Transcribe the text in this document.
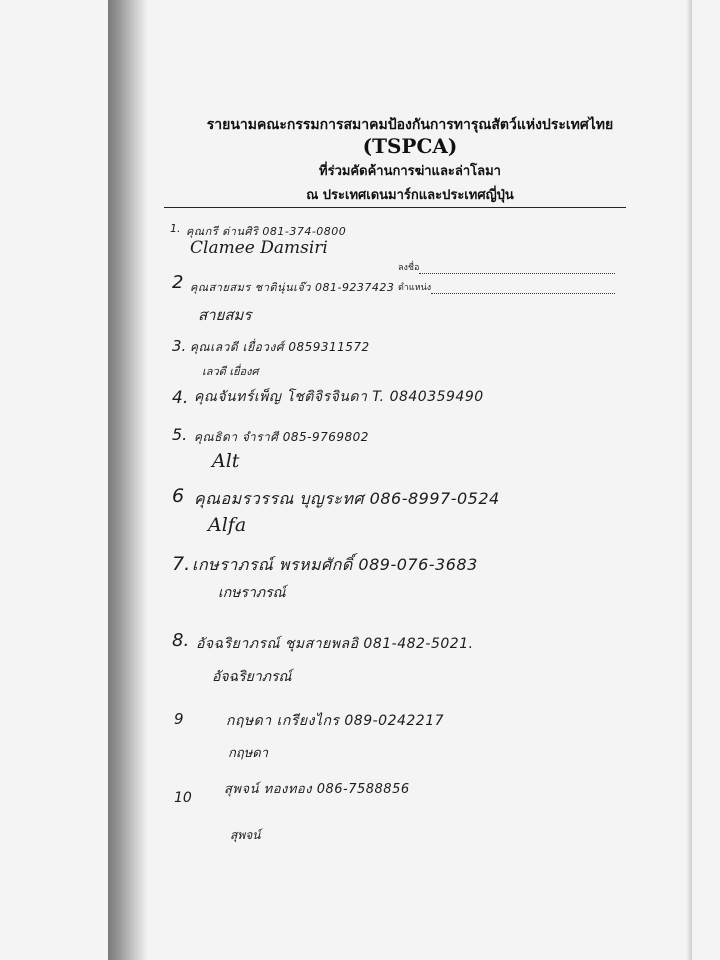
รายนามคณะกรรมการสมาคมป้องกันการทารุณสัตว์แห่งประเทศไทย
(TSPCA)
ที่ร่วมคัดค้านการฆ่าและล่าโลมา
ณ ประเทศเดนมาร์กและประเทศญี่ปุ่น
ลงชื่อ
ตำแหน่ง
1. คุณกรี ด่านศิริ 081-374-0800
Clamee Damsiri
2 คุณสายสมร ชาตินุ่นเจ๊ว 081-9237423
สายสมร
3. คุณเลวดี เยื่อวงศ์ 0859311572
เลวดี เยื่องศ
4. คุณจันทร์เพ็ญ โชติจิรจินดา T. 0840359490
5. คุณธิดา จำราศี 085-9769802
Alt
6 คุณอมรวรรณ บุญระทศ 086-8997-0524
Alfa
7. เกษราภรณ์ พรหมศักดิ์ 089-076-3683
เกษราภรณ์
8. อัจฉริยาภรณ์ ชุมสายพลอิ 081-482-5021.
อัจฉริยาภรณ์
9	กฤษดา เกรียงไกร 089-0242217
กฤษดา
10
สุพจน์ ทองทอง 086-7588856
สุพจน์
